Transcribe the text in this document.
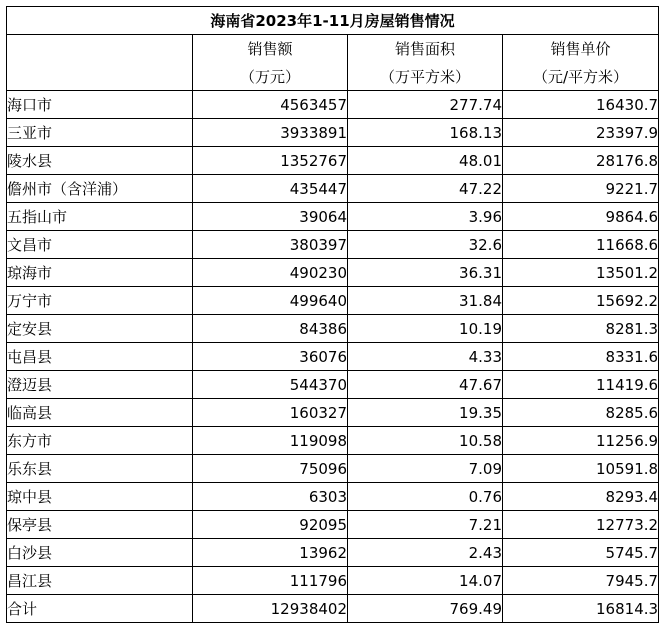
海南省2023年1-11月房屋销售情况			
	销售额	销售面积	销售单价
	（万元）	（万平方米）	（元/平方米）
海口市	4563457	277.74	16430.7
三亚市	3933891	168.13	23397.9
陵水县	1352767	48.01	28176.8
儋州市（含洋浦）	435447	47.22	9221.7
五指山市	39064	3.96	9864.6
文昌市	380397	32.6	11668.6
琼海市	490230	36.31	13501.2
万宁市	499640	31.84	15692.2
定安县	84386	10.19	8281.3
屯昌县	36076	4.33	8331.6
澄迈县	544370	47.67	11419.6
临高县	160327	19.35	8285.6
东方市	119098	10.58	11256.9
乐东县	75096	7.09	10591.8
琼中县	6303	0.76	8293.4
保亭县	92095	7.21	12773.2
白沙县	13962	2.43	5745.7
昌江县	111796	14.07	7945.7
合计	12938402	769.49	16814.3
